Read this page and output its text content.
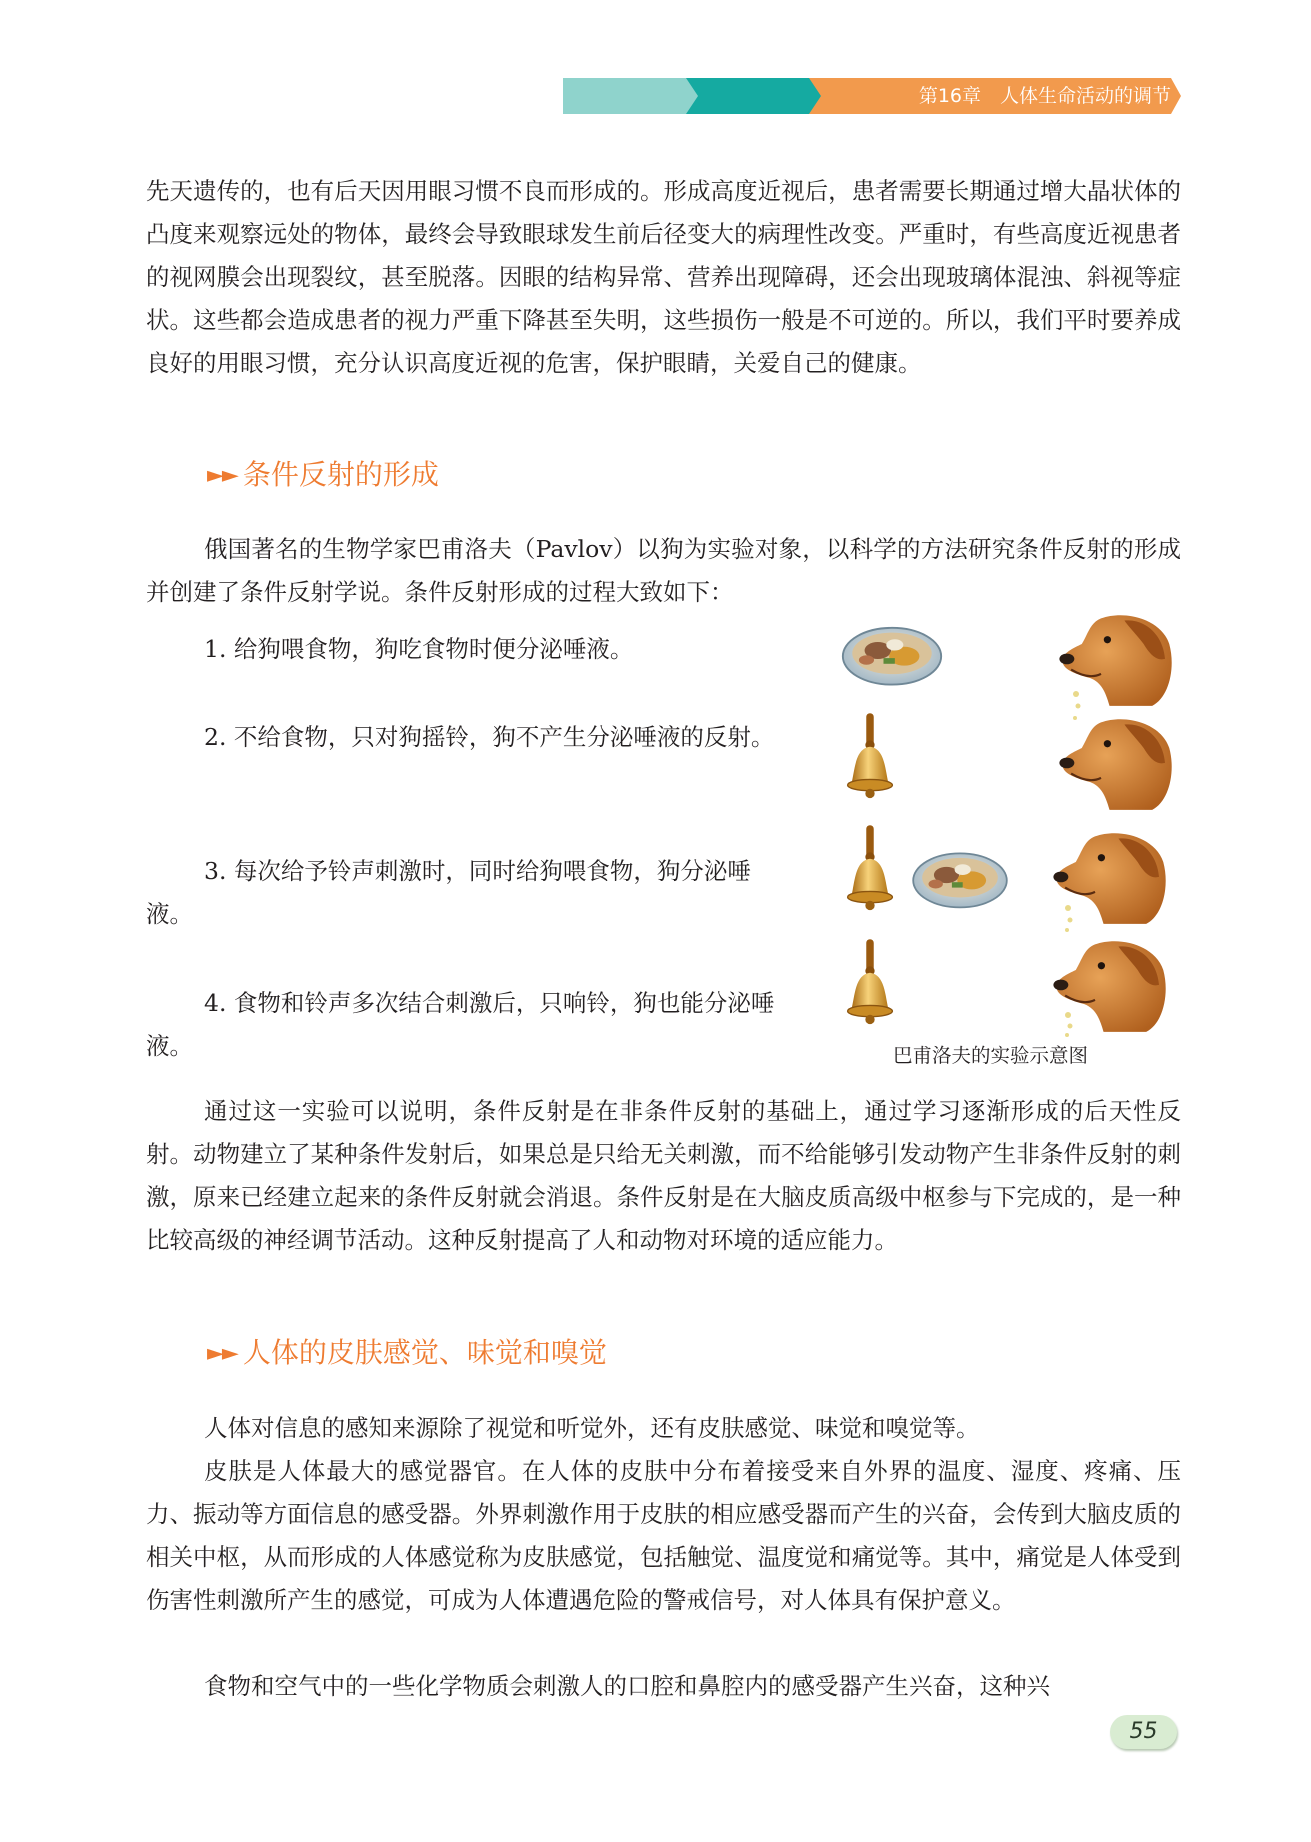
第16章　人体生命活动的调节

先天遗传的，也有后天因用眼习惯不良而形成的。形成高度近视后，患者需要长期通过增大晶状体的凸度来观察远处的物体，最终会导致眼球发生前后径变大的病理性改变。严重时，有些高度近视患者的视网膜会出现裂纹，甚至脱落。因眼的结构异常、营养出现障碍，还会出现玻璃体混浊、斜视等症状。这些都会造成患者的视力严重下降甚至失明，这些损伤一般是不可逆的。所以，我们平时要养成良好的用眼习惯，充分认识高度近视的危害，保护眼睛，关爱自己的健康。

►► 条件反射的形成

俄国著名的生物学家巴甫洛夫（Pavlov）以狗为实验对象，以科学的方法研究条件反射的形成并创建了条件反射学说。条件反射形成的过程大致如下：

1. 给狗喂食物，狗吃食物时便分泌唾液。

2. 不给食物，只对狗摇铃，狗不产生分泌唾液的反射。

3. 每次给予铃声刺激时，同时给狗喂食物，狗分泌唾液。

4. 食物和铃声多次结合刺激后，只响铃，狗也能分泌唾液。	巴甫洛夫的实验示意图

通过这一实验可以说明，条件反射是在非条件反射的基础上，通过学习逐渐形成的后天性反射。动物建立了某种条件发射后，如果总是只给无关刺激，而不给能够引发动物产生非条件反射的刺激，原来已经建立起来的条件反射就会消退。条件反射是在大脑皮质高级中枢参与下完成的，是一种比较高级的神经调节活动。这种反射提高了人和动物对环境的适应能力。

►► 人体的皮肤感觉、味觉和嗅觉

人体对信息的感知来源除了视觉和听觉外，还有皮肤感觉、味觉和嗅觉等。

皮肤是人体最大的感觉器官。在人体的皮肤中分布着接受来自外界的温度、湿度、疼痛、压力、振动等方面信息的感受器。外界刺激作用于皮肤的相应感受器而产生的兴奋，会传到大脑皮质的相关中枢，从而形成的人体感觉称为皮肤感觉，包括触觉、温度觉和痛觉等。其中，痛觉是人体受到伤害性刺激所产生的感觉，可成为人体遭遇危险的警戒信号，对人体具有保护意义。

食物和空气中的一些化学物质会刺激人的口腔和鼻腔内的感受器产生兴奋，这种兴

55
